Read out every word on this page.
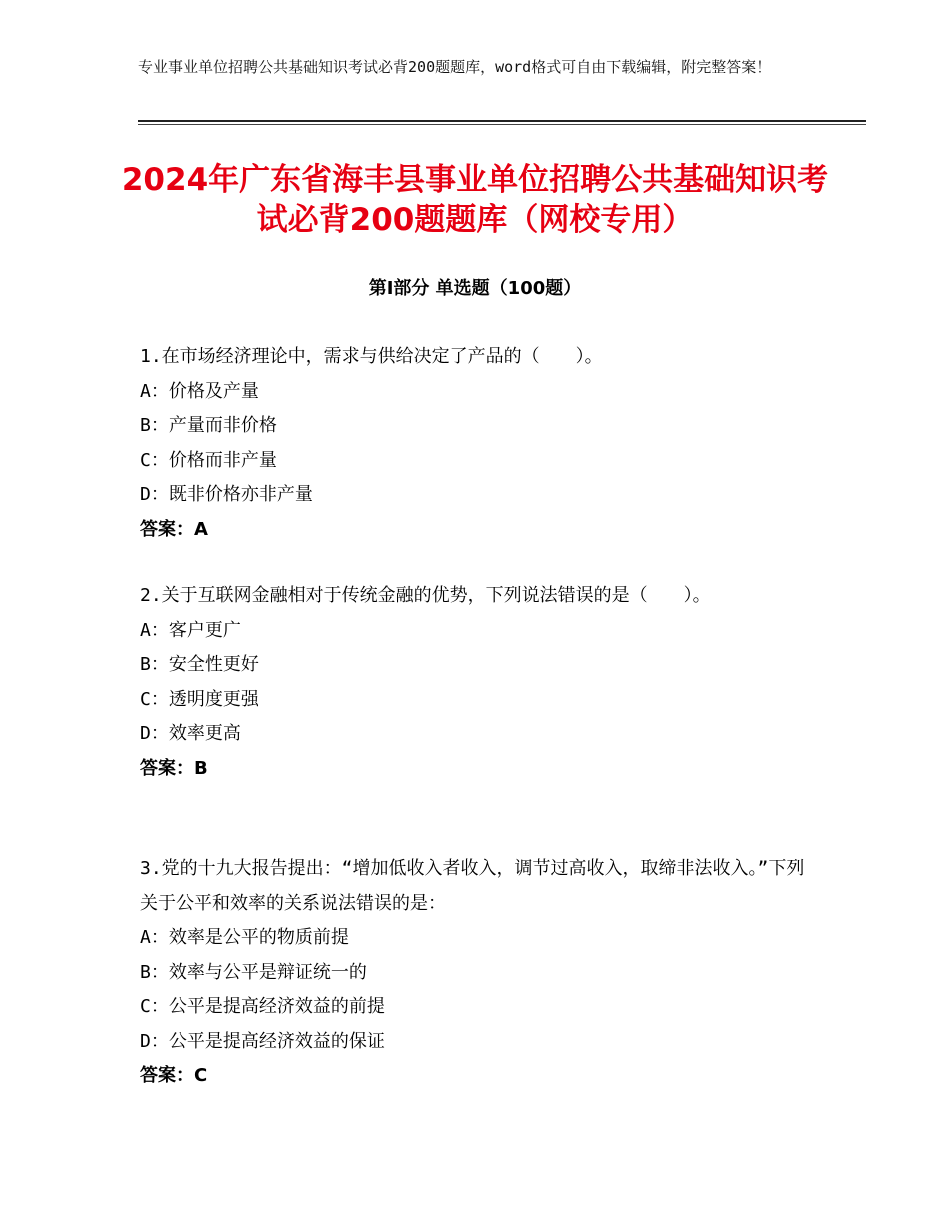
专业事业单位招聘公共基础知识考试必背200题题库，word格式可自由下载编辑，附完整答案！
2024年广东省海丰县事业单位招聘公共基础知识考试必背200题题库（网校专用）
第Ⅰ部分 单选题（100题）
1.在市场经济理论中，需求与供给决定了产品的（　　）。
A：价格及产量
B：产量而非价格
C：价格而非产量
D：既非价格亦非产量
答案：A
2.关于互联网金融相对于传统金融的优势，下列说法错误的是（　　）。
A：客户更广
B：安全性更好
C：透明度更强
D：效率更高
答案：B
3.党的十九大报告提出：“增加低收入者收入，调节过高收入，取缔非法收入。”下列关于公平和效率的关系说法错误的是：
A：效率是公平的物质前提
B：效率与公平是辩证统一的
C：公平是提高经济效益的前提
D：公平是提高经济效益的保证
答案：C
